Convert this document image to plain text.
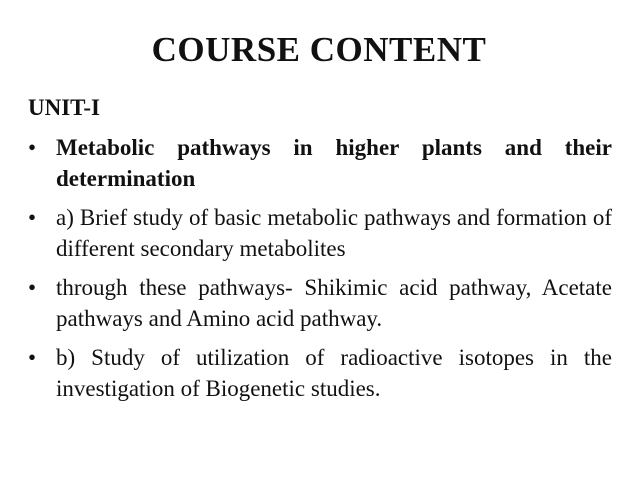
COURSE CONTENT
UNIT-I
• Metabolic pathways in higher plants and their determination
• a) Brief study of basic metabolic pathways and formation of different secondary metabolites
• through these pathways- Shikimic acid pathway, Acetate pathways and Amino acid pathway.
• b) Study of utilization of radioactive isotopes in the investigation of Biogenetic studies.
